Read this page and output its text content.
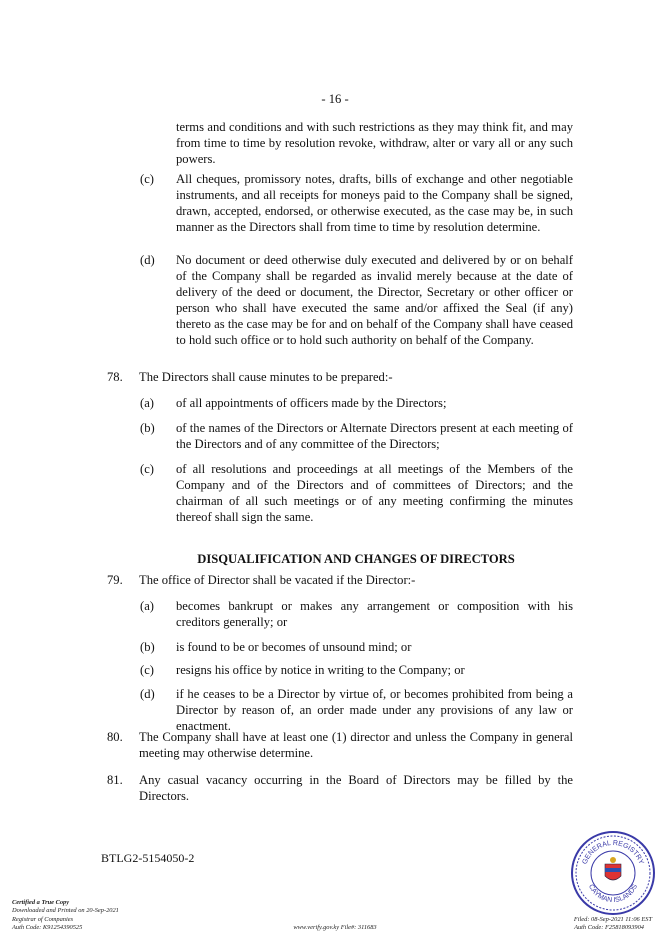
- 16 -
terms and conditions and with such restrictions as they may think fit, and may from time to time by resolution revoke, withdraw, alter or vary all or any such powers.
(c) All cheques, promissory notes, drafts, bills of exchange and other negotiable instruments, and all receipts for moneys paid to the Company shall be signed, drawn, accepted, endorsed, or otherwise executed, as the case may be, in such manner as the Directors shall from time to time by resolution determine.
(d) No document or deed otherwise duly executed and delivered by or on behalf of the Company shall be regarded as invalid merely because at the date of delivery of the deed or document, the Director, Secretary or other officer or person who shall have executed the same and/or affixed the Seal (if any) thereto as the case may be for and on behalf of the Company shall have ceased to hold such office or to hold such authority on behalf of the Company.
78. The Directors shall cause minutes to be prepared:-
(a) of all appointments of officers made by the Directors;
(b) of the names of the Directors or Alternate Directors present at each meeting of the Directors and of any committee of the Directors;
(c) of all resolutions and proceedings at all meetings of the Members of the Company and of the Directors and of committees of Directors; and the chairman of all such meetings or of any meeting confirming the minutes thereof shall sign the same.
DISQUALIFICATION AND CHANGES OF DIRECTORS
79. The office of Director shall be vacated if the Director:-
(a) becomes bankrupt or makes any arrangement or composition with his creditors generally; or
(b) is found to be or becomes of unsound mind; or
(c) resigns his office by notice in writing to the Company; or
(d) if he ceases to be a Director by virtue of, or becomes prohibited from being a Director by reason of, an order made under any provisions of any law or enactment.
80. The Company shall have at least one (1) director and unless the Company in general meeting may otherwise determine.
81. Any casual vacancy occurring in the Board of Directors may be filled by the Directors.
BTLG2-5154050-2	GENERAL REGISTRY
CAYMAN ISLANDS
Certified a True Copy
Downloaded and Printed on 20-Sep-2021
Registrar of Companies
Auth Code: K91254390525	www.verify.gov.ky File#: 311683
Filed: 08-Sep-2021 11:06 EST
Auth Code: F25818093904
